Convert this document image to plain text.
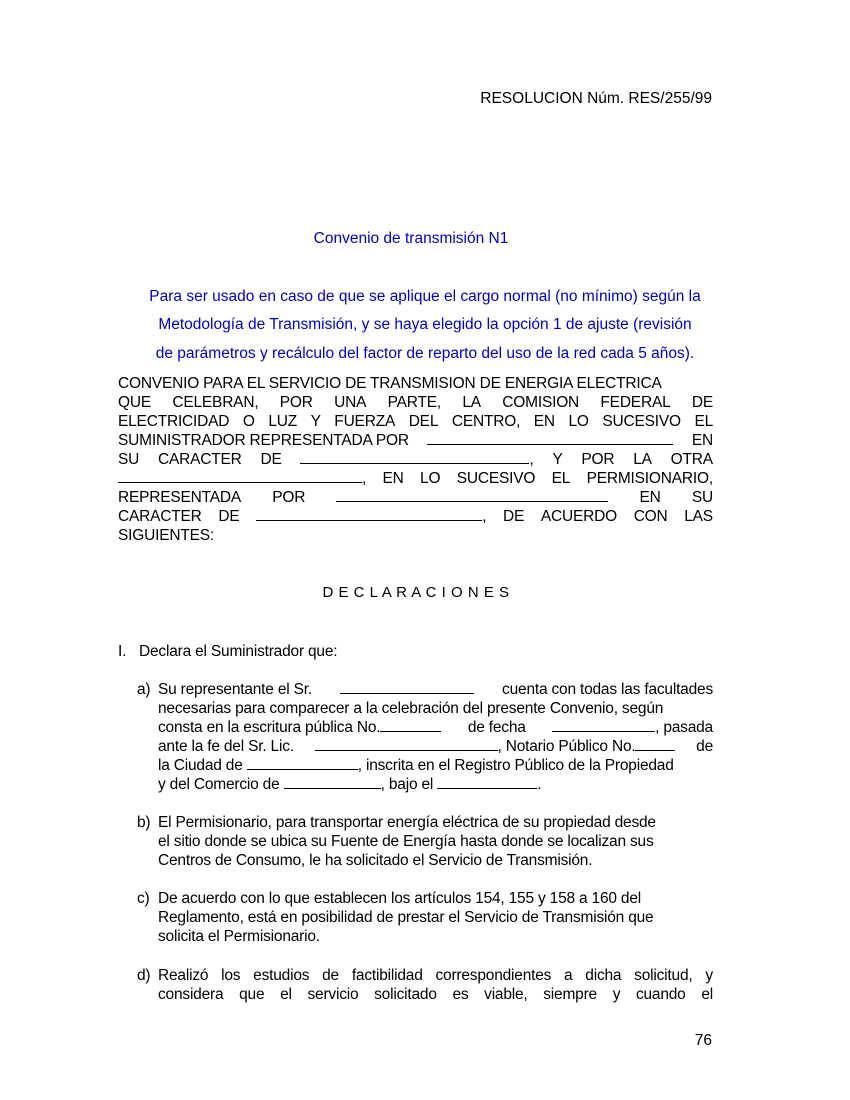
RESOLUCION Núm. RES/255/99
Convenio de transmisión N1
Para ser usado en caso de que se aplique el cargo normal (no mínimo) según la
Metodología de Transmisión, y se haya elegido la opción 1 de ajuste (revisión
de parámetros y recálculo del factor de reparto del uso de la red cada 5 años).
CONVENIO PARA EL SERVICIO DE TRANSMISION DE ENERGIA ELECTRICA
QUE CELEBRAN, POR UNA PARTE, LA COMISION FEDERAL DE
ELECTRICIDAD O LUZ Y FUERZA DEL CENTRO, EN LO SUCESIVO EL
SUMINISTRADOR REPRESENTADA POR	EN
SU CARACTER DE	, Y POR LA OTRA
, EN LO SUCESIVO EL PERMISIONARIO,
REPRESENTADA POR	EN SU
CARACTER DE	, DE ACUERDO CON LAS
SIGUIENTES:
D E C L A R A C I O N E S
I. Declara el Suministrador que:
a) Su representante el Sr.	cuenta con todas las facultades
necesarias para comparecer a la celebración del presente Convenio, según
consta en la escritura pública No.	de fecha	, pasada
ante la fe del Sr. Lic.	, Notario Público No.	de
la Ciudad de	, inscrita en el Registro Público de la Propiedad
y del Comercio de	, bajo el	.
b) El Permisionario, para transportar energía eléctrica de su propiedad desde
el sitio donde se ubica su Fuente de Energía hasta donde se localizan sus
Centros de Consumo, le ha solicitado el Servicio de Transmisión.
c) De acuerdo con lo que establecen los artículos 154, 155 y 158 a 160 del
Reglamento, está en posibilidad de prestar el Servicio de Transmisión que
solicita el Permisionario.
d) Realizó los estudios de factibilidad correspondientes a dicha solicitud, y
considera que el servicio solicitado es viable, siempre y cuando el
76
